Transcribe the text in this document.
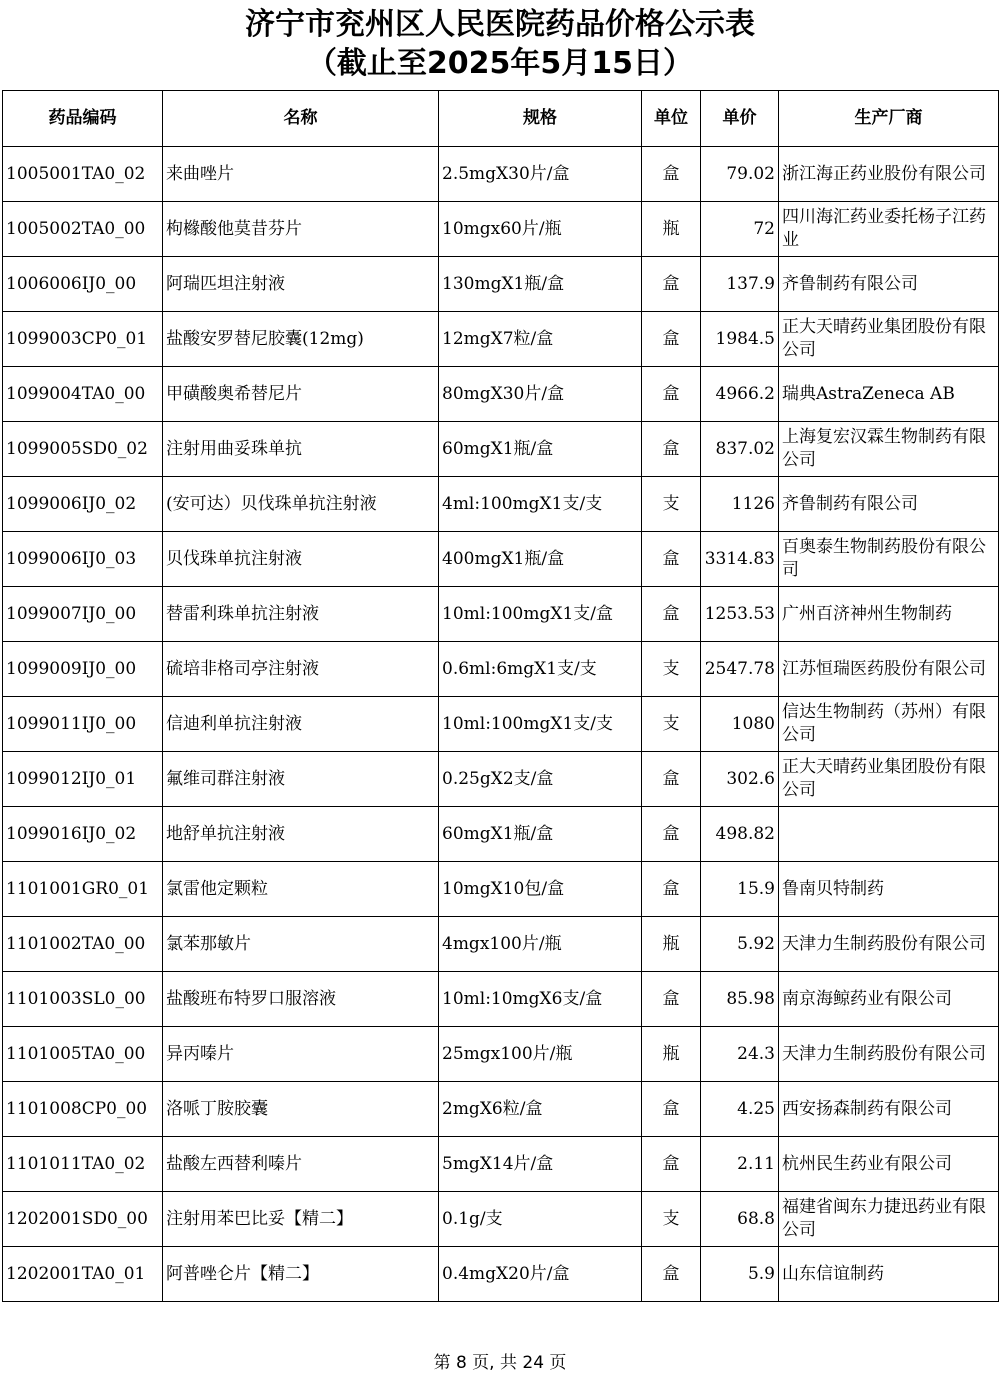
济宁市兖州区人民医院药品价格公示表
（截止至2025年5月15日）
药品编码	名称	规格	单位	单价	生产厂商
1005001TA0_02	来曲唑片	2.5mgX30片/盒	盒	79.02	浙江海正药业股份有限公司
1005002TA0_00	枸橼酸他莫昔芬片	10mgx60片/瓶	瓶	72	四川海汇药业委托杨子江药业
1006006IJ0_00	阿瑞匹坦注射液	130mgX1瓶/盒	盒	137.9	齐鲁制药有限公司
1099003CP0_01	盐酸安罗替尼胶囊(12mg)	12mgX7粒/盒	盒	1984.5	正大天晴药业集团股份有限公司
1099004TA0_00	甲磺酸奥希替尼片	80mgX30片/盒	盒	4966.2	瑞典AstraZeneca AB
1099005SD0_02	注射用曲妥珠单抗	60mgX1瓶/盒	盒	837.02	上海复宏汉霖生物制药有限公司
1099006IJ0_02	(安可达）贝伐珠单抗注射液	4ml:100mgX1支/支	支	1126	齐鲁制药有限公司
1099006IJ0_03	贝伐珠单抗注射液	400mgX1瓶/盒	盒	3314.83	百奥泰生物制药股份有限公司
1099007IJ0_00	替雷利珠单抗注射液	10ml:100mgX1支/盒	盒	1253.53	广州百济神州生物制药
1099009IJ0_00	硫培非格司亭注射液	0.6ml:6mgX1支/支	支	2547.78	江苏恒瑞医药股份有限公司
1099011IJ0_00	信迪利单抗注射液	10ml:100mgX1支/支	支	1080	信达生物制药（苏州）有限公司
1099012IJ0_01	氟维司群注射液	0.25gX2支/盒	盒	302.6	正大天晴药业集团股份有限公司
1099016IJ0_02	地舒单抗注射液	60mgX1瓶/盒	盒	498.82	
1101001GR0_01	氯雷他定颗粒	10mgX10包/盒	盒	15.9	鲁南贝特制药
1101002TA0_00	氯苯那敏片	4mgx100片/瓶	瓶	5.92	天津力生制药股份有限公司
1101003SL0_00	盐酸班布特罗口服溶液	10ml:10mgX6支/盒	盒	85.98	南京海鲸药业有限公司
1101005TA0_00	异丙嗪片	25mgx100片/瓶	瓶	24.3	天津力生制药股份有限公司
1101008CP0_00	洛哌丁胺胶囊	2mgX6粒/盒	盒	4.25	西安扬森制药有限公司
1101011TA0_02	盐酸左西替利嗪片	5mgX14片/盒	盒	2.11	杭州民生药业有限公司
1202001SD0_00	注射用苯巴比妥【精二】	0.1g/支	支	68.8	福建省闽东力捷迅药业有限公司
1202001TA0_01	阿普唑仑片【精二】	0.4mgX20片/盒	盒	5.9	山东信谊制药
第 8 页, 共 24 页
